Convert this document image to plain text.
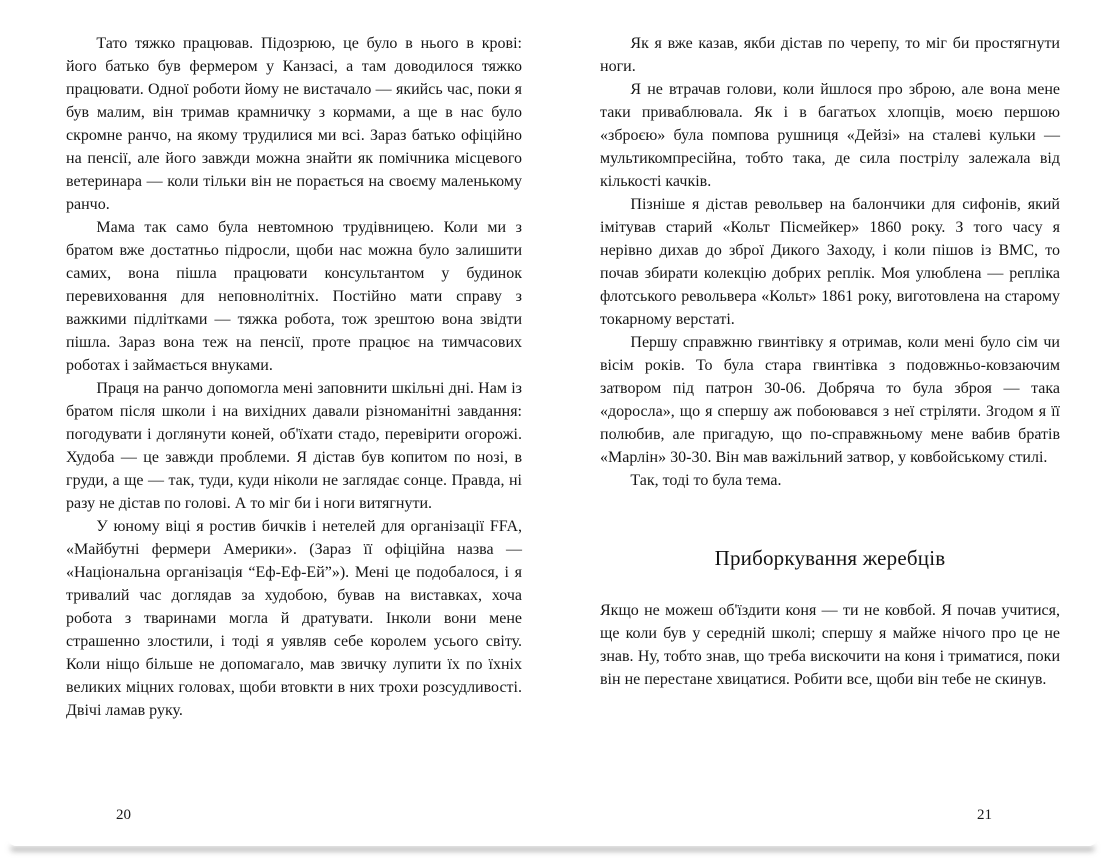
Тато тяжко працював. Підозрюю, це було в нього в крові: його батько був фермером у Канзасі, а там доводилося тяжко працювати. Одної роботи йому не вистачало — якийсь час, поки я був малим, він тримав крамничку з кормами, а ще в нас було скромне ранчо, на якому трудилися ми всі. Зараз батько офіційно на пенсії, але його завжди можна знайти як помічника місцевого ветеринара — коли тільки він не порається на своєму маленькому ранчо.

Мама так само була невтомною трудівницею. Коли ми з братом вже достатньо підросли, щоби нас можна було залишити самих, вона пішла працювати консультантом у будинок перевиховання для неповнолітніх. Постійно мати справу з важкими підлітками — тяжка робота, тож зрештою вона звідти пішла. Зараз вона теж на пенсії, проте працює на тимчасових роботах і займається внуками.

Праця на ранчо допомогла мені заповнити шкільні дні. Нам із братом після школи і на вихідних давали різноманітні завдання: погодувати і доглянути коней, об'їхати стадо, перевірити огорожі. Худоба — це завжди проблеми. Я дістав був копитом по нозі, в груди, а ще — так, туди, куди ніколи не заглядає сонце. Правда, ні разу не дістав по голові. А то міг би і ноги витягнути.

У юному віці я ростив бичків і нетелей для організації FFA, «Майбутні фермери Америки». (Зараз її офіційна назва — «Національна організація “Еф-Еф-Ей”»). Мені це подобалося, і я тривалий час доглядав за худобою, бував на виставках, хоча робота з тваринами могла й дратувати. Інколи вони мене страшенно злостили, і тоді я уявляв себе королем усього світу. Коли ніщо більше не допомагало, мав звичку лупити їх по їхніх великих міцних головах, щоби втовкти в них трохи розсудливості. Двічі ламав руку.

20

Як я вже казав, якби дістав по черепу, то міг би простягнути ноги.

Я не втрачав голови, коли йшлося про зброю, але вона мене таки приваблювала. Як і в багатьох хлопців, моєю першою «зброєю» була помпова рушниця «Дейзі» на сталеві кульки — мультикомпресійна, тобто така, де сила пострілу залежала від кількості качків.

Пізніше я дістав револьвер на балончики для сифонів, який імітував старий «Кольт Пісмейкер» 1860 року. З того часу я нерівно дихав до зброї Дикого Заходу, і коли пішов із ВМС, то почав збирати колекцію добрих реплік. Моя улюблена — репліка флотського револьвера «Кольт» 1861 року, виготовлена на старому токарному верстаті.

Першу справжню гвинтівку я отримав, коли мені було сім чи вісім років. То була стара гвинтівка з подовжньо-ковзаючим затвором під патрон 30-06. Добряча то була зброя — така «доросла», що я спершу аж побоювався з неї стріляти. Згодом я її полюбив, але пригадую, що по-справжньому мене вабив братів «Марлін» 30-30. Він мав важільний затвор, у ковбойському стилі.

Так, тоді то була тема.

Приборкування жеребців

Якщо не можеш об'їздити коня — ти не ковбой. Я почав учитися, ще коли був у середній школі; спершу я майже нічого про це не знав. Ну, тобто знав, що треба вискочити на коня і триматися, поки він не перестане хвицатися. Робити все, щоби він тебе не скинув.

21
